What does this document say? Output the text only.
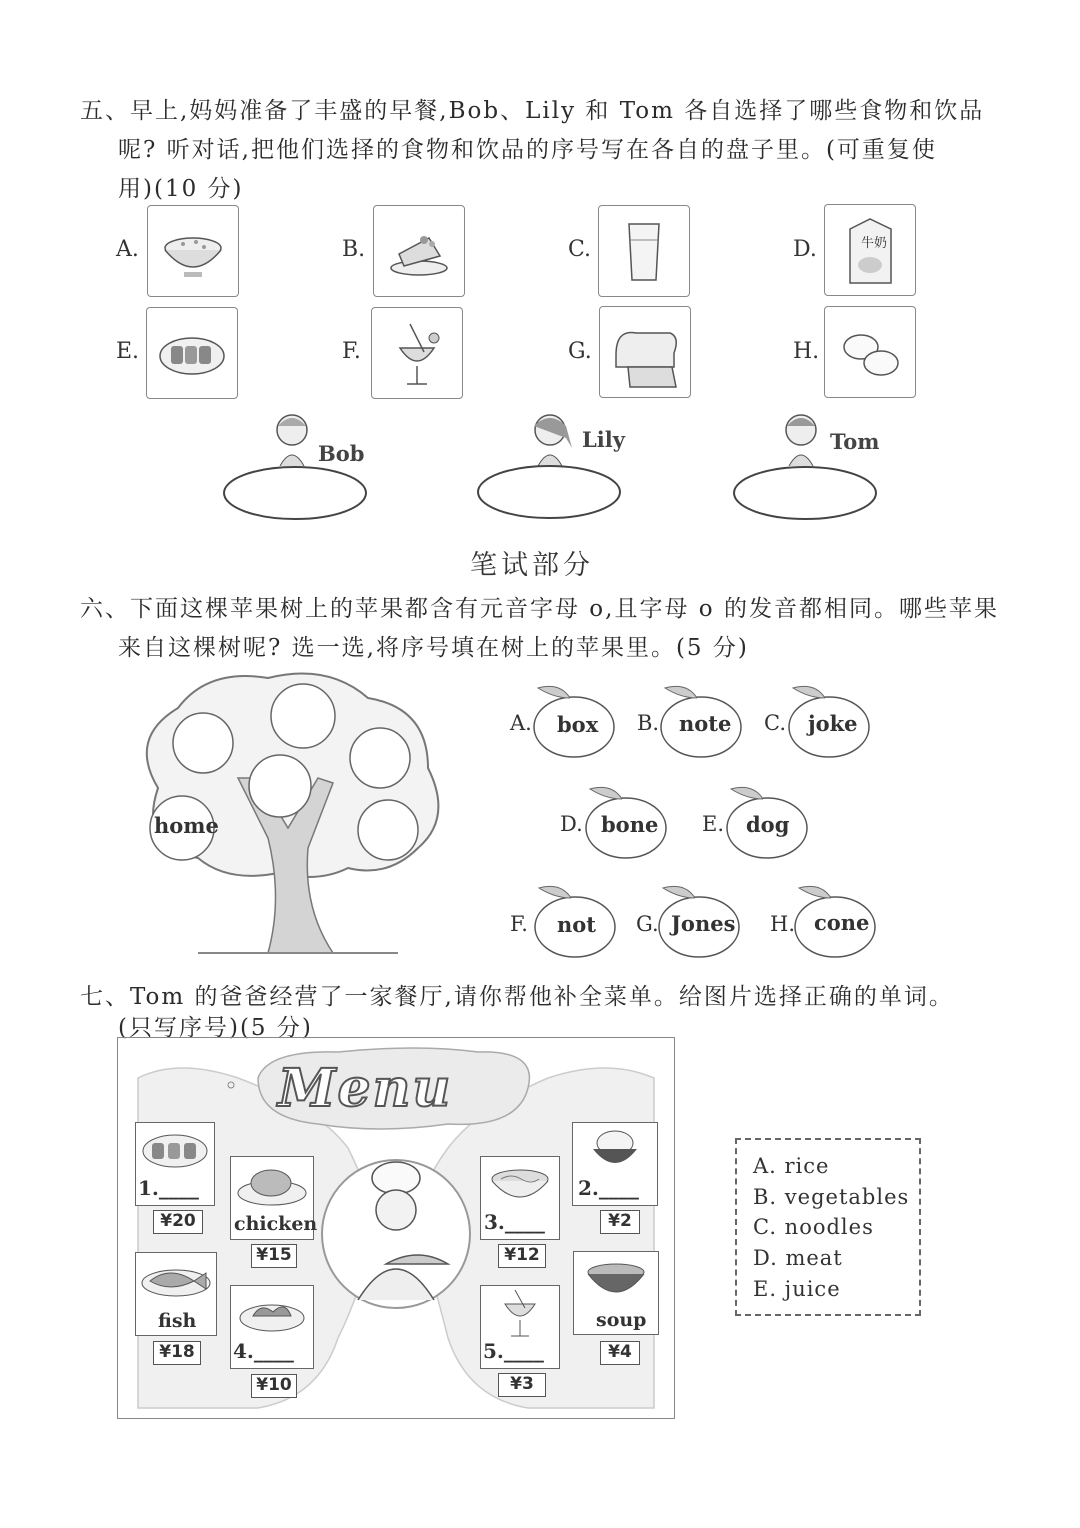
五、早上,妈妈准备了丰盛的早餐,Bob、Lily 和 Tom 各自选择了哪些食物和饮品
呢? 听对话,把他们选择的食物和饮品的序号写在各自的盘子里。(可重复使
用)(10 分)
A.	B.	C.	D.	牛奶
E.	F.	G.	H.
Bob
Lily	Tom
笔试部分
六、下面这棵苹果树上的苹果都含有元音字母 o,且字母 o 的发音都相同。哪些苹果
来自这棵树呢? 选一选,将序号填在树上的苹果里。(5 分)
home
A. box B. note C. joke
D. bone E. dog
F. not G. Jones H. cone
七、Tom 的爸爸经营了一家餐厅,请你帮他补全菜单。给图片选择正确的单词。
(只写序号)(5 分)
Menu
1.____
¥20	chicken
¥15
fish
¥18	4.____
¥10
3.____
¥12
2.____
¥2
5.____
¥3
soup
¥4
A. rice
B. vegetables
C. noodles
D. meat
E. juice
